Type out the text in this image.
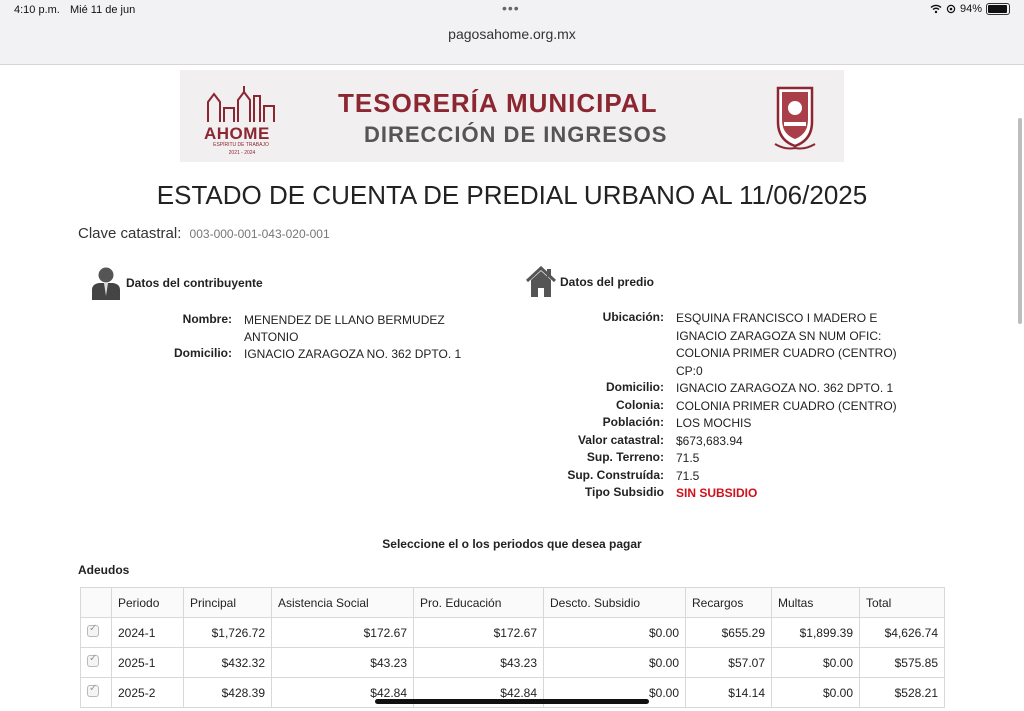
4:10 p.m. Mié 11 de jun	•••	94%
pagosahome.org.mx
AHOME
ESPÍRITU DE TRABAJO
2021 - 2024
TESORERÍA MUNICIPAL
DIRECCIÓN DE INGRESOS
ESTADO DE CUENTA DE PREDIAL URBANO AL 11/06/2025
Clave catastral: 003-000-001-043-020-001
Datos del contribuyente
Nombre:	MENENDEZ DE LLANO BERMUDEZ
ANTONIO
Domicilio:	IGNACIO ZARAGOZA NO. 362 DPTO. 1
Datos del predio
Ubicación:	ESQUINA FRANCISCO I MADERO E
IGNACIO ZARAGOZA SN NUM OFIC:
COLONIA PRIMER CUADRO (CENTRO) CP:0
Domicilio:	IGNACIO ZARAGOZA NO. 362 DPTO. 1
Colonia:	COLONIA PRIMER CUADRO (CENTRO)
Población:	LOS MOCHIS
Valor catastral:	$673,683.94
Sup. Terreno:	71.5
Sup. Construída:	71.5
Tipo Subsidio	SIN SUBSIDIO
Seleccione el o los periodos que desea pagar
Adeudos
	Periodo	Principal	Asistencia Social	Pro. Educación	Descto. Subsidio	Recargos	Multas	Total
✓	2024-1	$1,726.72	$172.67	$172.67	$0.00	$655.29	$1,899.39	$4,626.74
✓	2025-1	$432.32	$43.23	$43.23	$0.00	$57.07	$0.00	$575.85
✓	2025-2	$428.39	$42.84	$42.84	$0.00	$14.14	$0.00	$528.21
